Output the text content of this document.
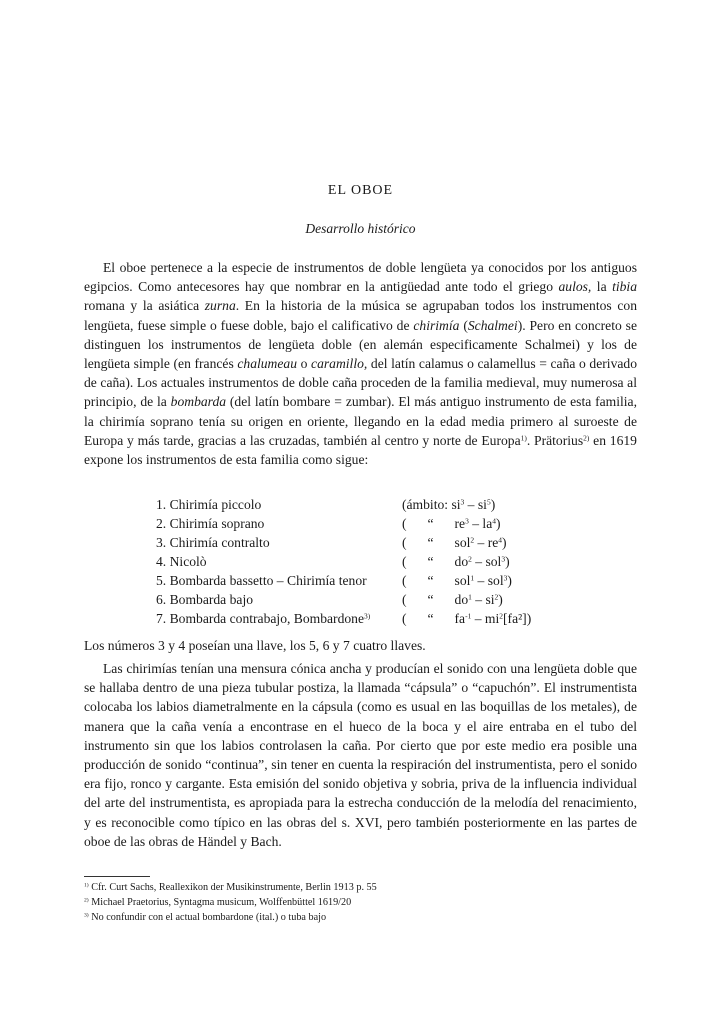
EL OBOE

Desarrollo histórico

El oboe pertenece a la especie de instrumentos de doble lengüeta ya conocidos por los antiguos egipcios. Como antecesores hay que nombrar en la antigüedad ante todo el griego aulos, la tibia romana y la asiática zurna. En la historia de la música se agrupaban todos los instrumentos con lengüeta, fuese simple o fuese doble, bajo el calificativo de chirimía (Schalmei). Pero en concreto se distinguen los instrumentos de lengüeta doble (en alemán especificamente Schalmei) y los de lengüeta simple (en francés chalumeau o caramillo, del latín calamus o calamellus = caña o derivado de caña). Los actuales instrumentos de doble caña proceden de la familia medieval, muy numerosa al principio, de la bombarda (del latín bombare = zumbar). El más antiguo instrumento de esta familia, la chirimía soprano tenía su origen en oriente, llegando en la edad media primero al suroeste de Europa y más tarde, gracias a las cruzadas, también al centro y norte de Europa$^{1)}$. Prätorius$^{2)}$ en 1619 expone los instrumentos de esta familia como sigue:

1. Chirimía piccolo	(ámbito: $si^3 - si^5$)
2. Chirimía soprano	( “ $re^3 - la^4$)
3. Chirimía contralto	( “ $sol^2 - re^4$)
4. Nicolò	( “ $do^2 - sol^3$)
5. Bombarda bassetto – Chirimía tenor	( “ sol$^1$ – sol$^3$)
6. Bombarda bajo	( “ $do^1 - si^2$)
7. Bombarda contrabajo, Bombardone$^{3)}$ ( “ $fa^{-1} - mi^2[fa^2]$)

Los números 3 y 4 poseían una llave, los 5, 6 y 7 cuatro llaves.

Las chirimías tenían una mensura cónica ancha y producían el sonido con una lengüeta doble que se hallaba dentro de una pieza tubular postiza, la llamada “cápsula” o “capuchón”. El instrumentista colocaba los labios diametralmente en la cápsula (como es usual en las boquillas de los metales), de manera que la caña venía a encontrase en el hueco de la boca y el aire entraba en el tubo del instrumento sin que los labios controlasen la caña. Por cierto que por este medio era posible una producción de sonido “continua”, sin tener en cuenta la respiración del instrumentista, pero el sonido era fijo, ronco y cargante. Esta emisión del sonido objetiva y sobria, priva de la influencia individual del arte del instrumentista, es apropiada para la estrecha conducción de la melodía del renacimiento, y es reconocible como típico en las obras del s. XVI, pero también posteriormente en las partes de oboe de las obras de Händel y Bach.

$^{1)}$ Cfr. Curt Sachs, Reallexikon der Musikinstrumente, Berlin 1913 p. 55

$^{2)}$ Michael Praetorius, Syntagma musicum, Wolffenbüttel 1619/20

$^{3)}$ No confundir con el actual bombardone (ital.) o tuba bajo
